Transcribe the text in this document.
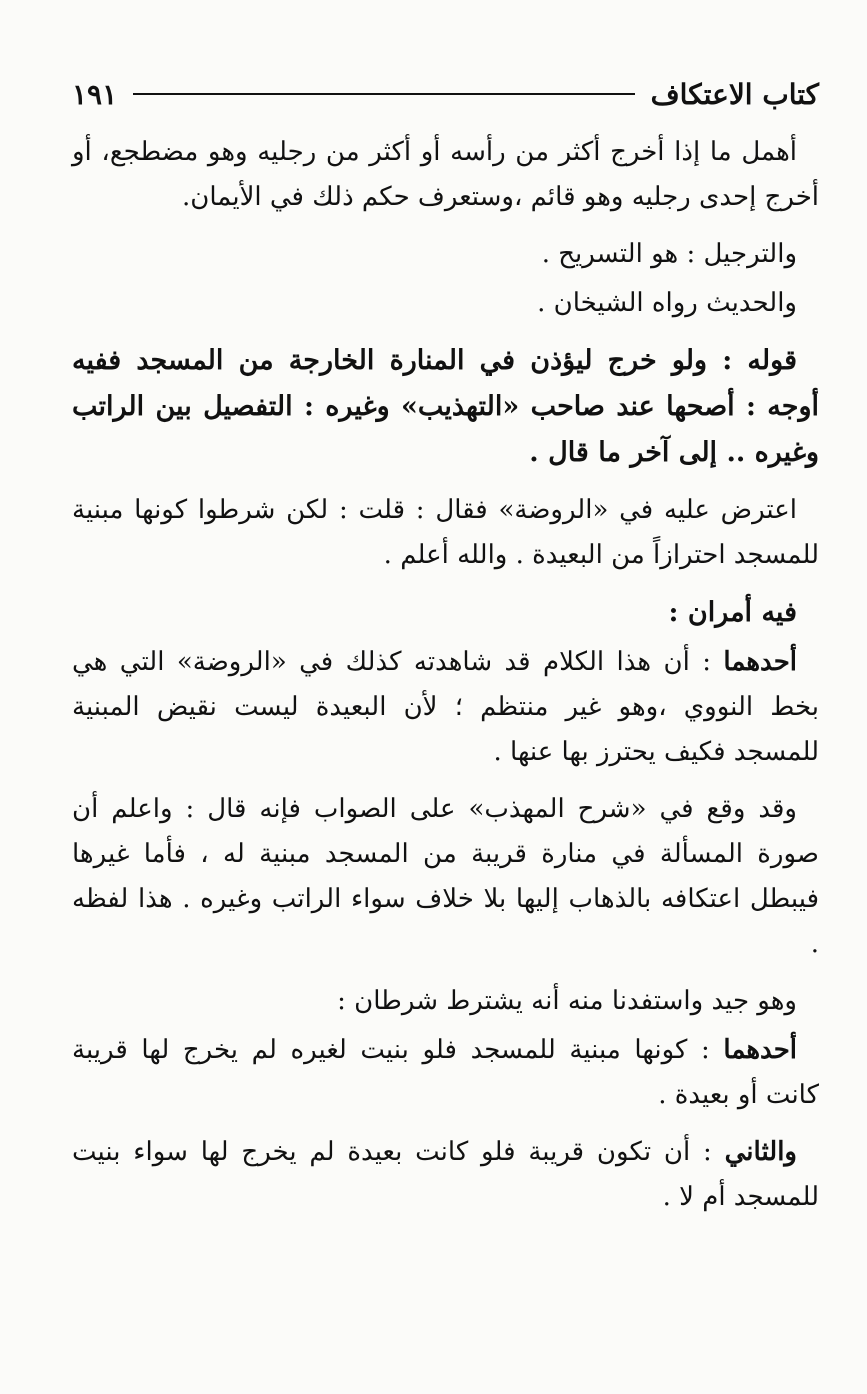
كتاب الاعتكاف
١٩١

أهمل ما إذا أخرج أكثر من رأسه أو أكثر من رجليه وهو مضطجع، أو أخرج إحدى رجليه وهو قائم ،وستعرف حكم ذلك في الأيمان.

والترجيل : هو التسريح .

والحديث رواه الشيخان .

قوله : ولو خرج ليؤذن في المنارة الخارجة من المسجد ففيه أوجه : أصحها عند صاحب «التهذيب» وغيره : التفصيل بين الراتب وغيره .. إلى آخر ما قال .

اعترض عليه في «الروضة» فقال : قلت : لكن شرطوا كونها مبنية للمسجد احترازاً من البعيدة . والله أعلم .

فيه أمران :

أحدهما : أن هذا الكلام قد شاهدته كذلك في «الروضة» التي هي بخط النووي ،وهو غير منتظم ؛ لأن البعيدة ليست نقيض المبنية للمسجد فكيف يحترز بها عنها .

وقد وقع في «شرح المهذب» على الصواب فإنه قال : واعلم أن صورة المسألة في منارة قريبة من المسجد مبنية له ، فأما غيرها فيبطل اعتكافه بالذهاب إليها بلا خلاف سواء الراتب وغيره . هذا لفظه .

وهو جيد واستفدنا منه أنه يشترط شرطان :

أحدهما : كونها مبنية للمسجد فلو بنيت لغيره لم يخرج لها قريبة كانت أو بعيدة .

والثاني : أن تكون قريبة فلو كانت بعيدة لم يخرج لها سواء بنيت للمسجد أم لا .
